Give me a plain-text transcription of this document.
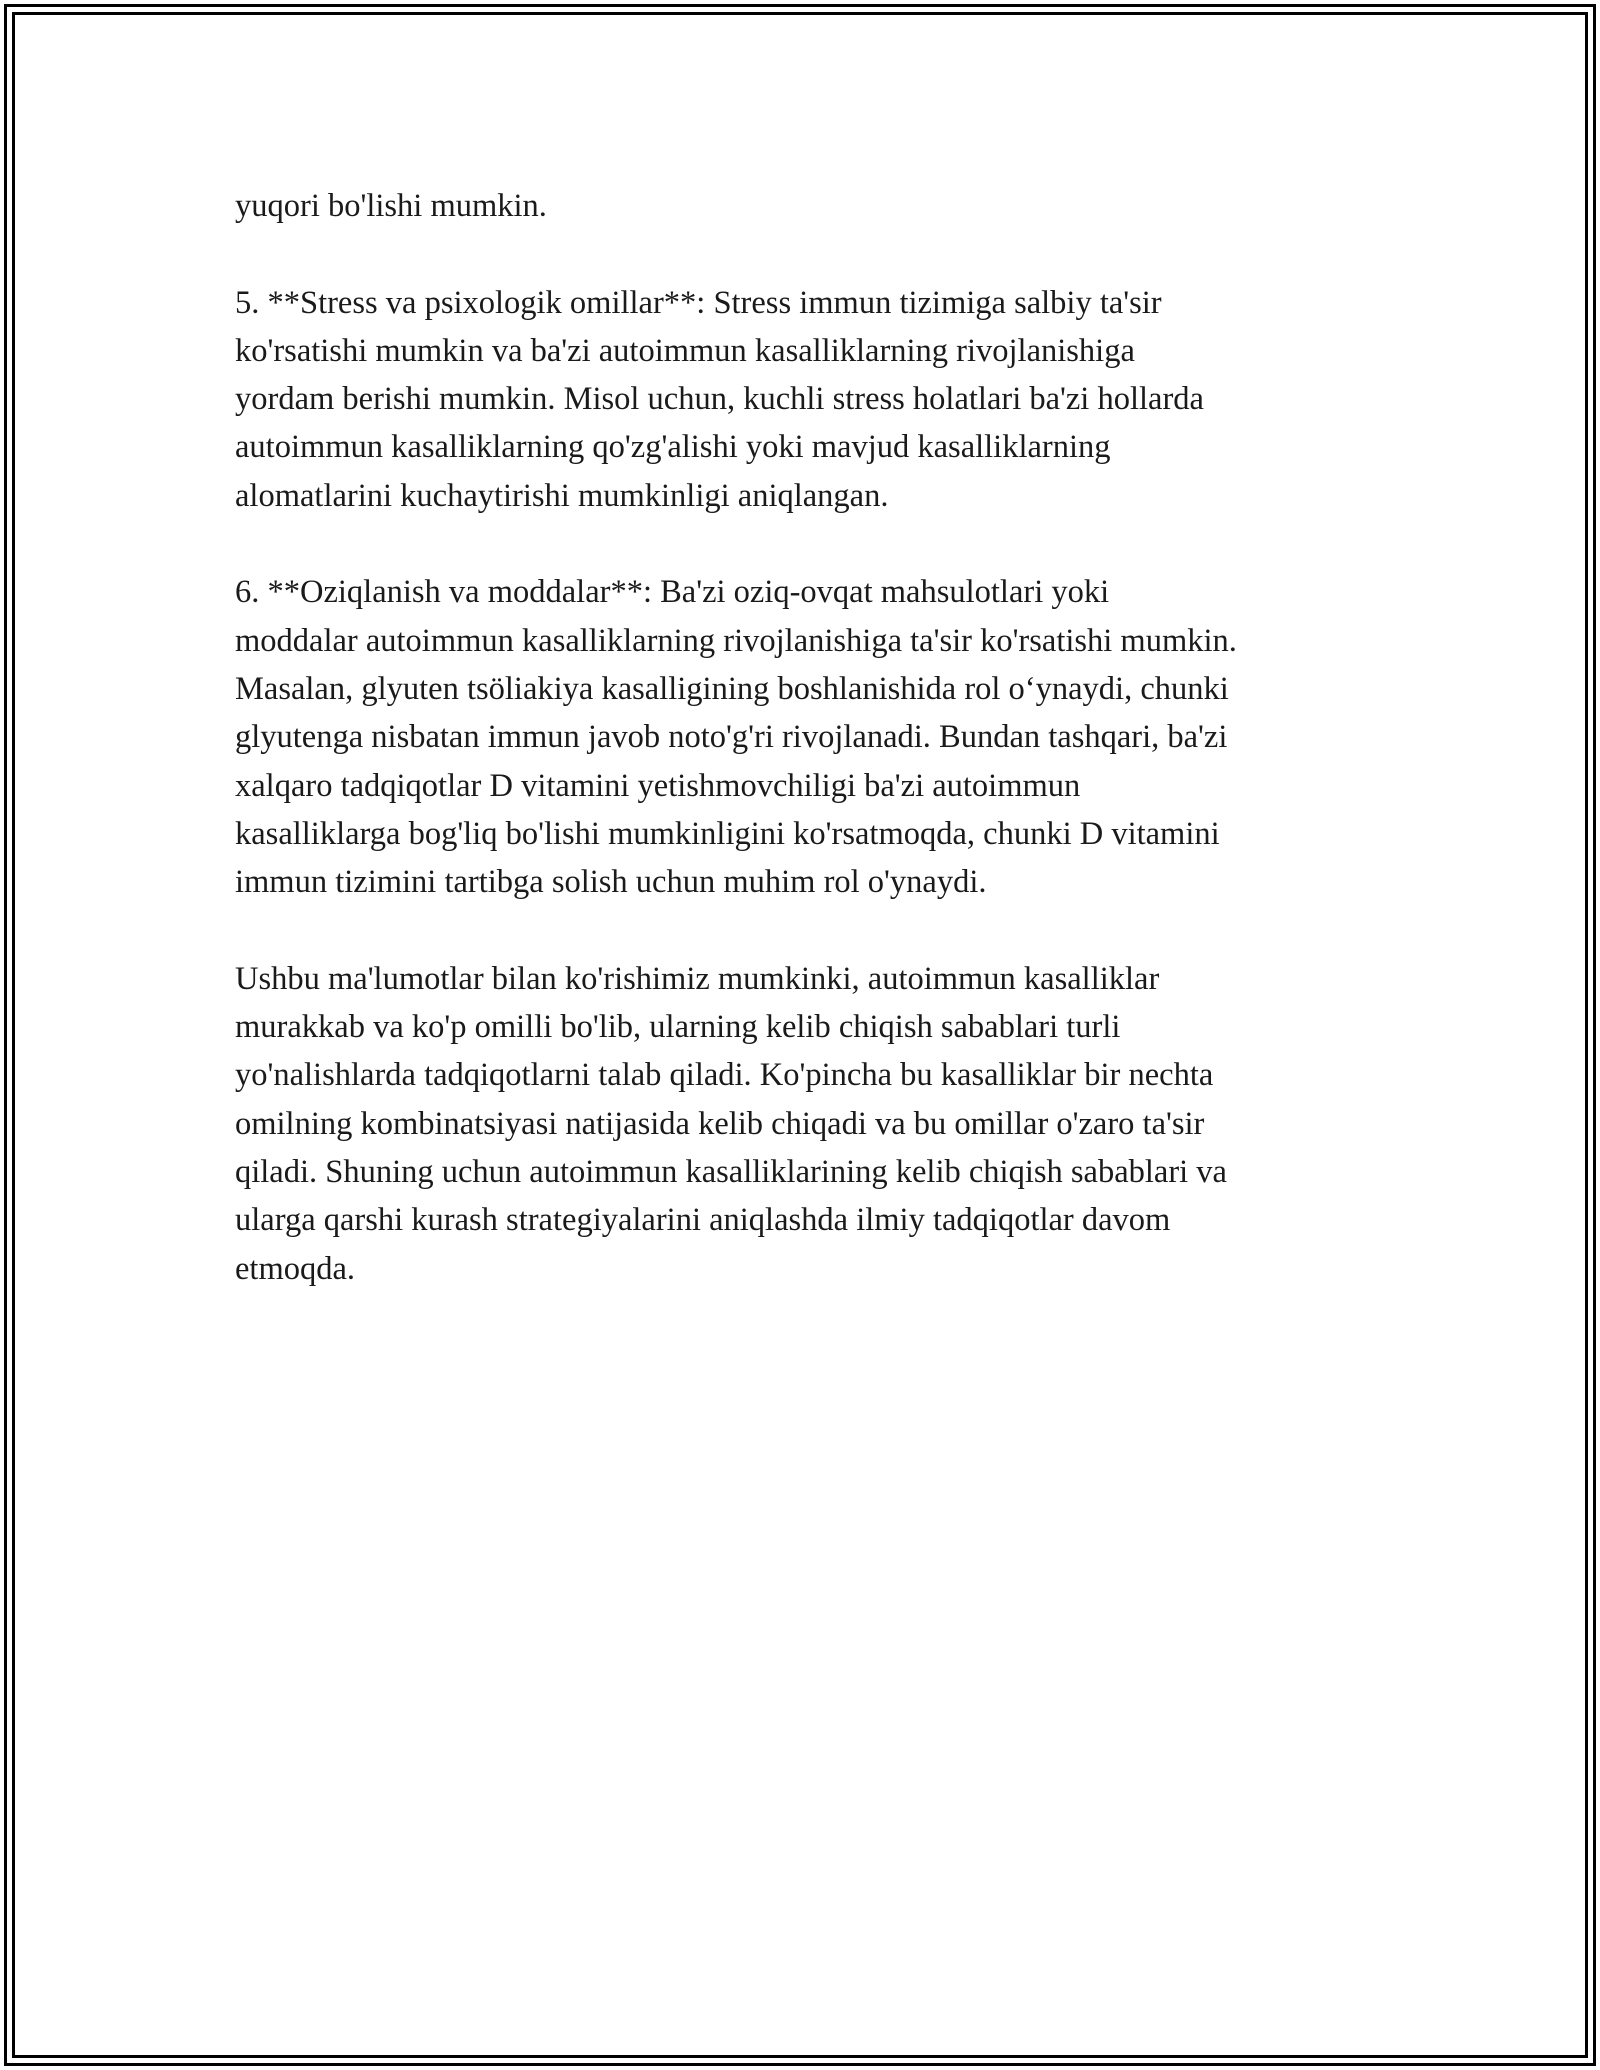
yuqori bo'lishi mumkin.

5. **Stress va psixologik omillar**: Stress immun tizimiga salbiy ta'sir
ko'rsatishi mumkin va ba'zi autoimmun kasalliklarning rivojlanishiga
yordam berishi mumkin. Misol uchun, kuchli stress holatlari ba'zi hollarda
autoimmun kasalliklarning qo'zg'alishi yoki mavjud kasalliklarning
alomatlarini kuchaytirishi mumkinligi aniqlangan.

6. **Oziqlanish va moddalar**: Ba'zi oziq-ovqat mahsulotlari yoki
moddalar autoimmun kasalliklarning rivojlanishiga ta'sir ko'rsatishi mumkin.
Masalan, glyuten tsöliakiya kasalligining boshlanishida rol o‘ynaydi, chunki
glyutenga nisbatan immun javob noto'g'ri rivojlanadi. Bundan tashqari, ba'zi
xalqaro tadqiqotlar D vitamini yetishmovchiligi ba'zi autoimmun
kasalliklarga bog'liq bo'lishi mumkinligini ko'rsatmoqda, chunki D vitamini
immun tizimini tartibga solish uchun muhim rol o'ynaydi.

Ushbu ma'lumotlar bilan ko'rishimiz mumkinki, autoimmun kasalliklar
murakkab va ko'p omilli bo'lib, ularning kelib chiqish sabablari turli
yo'nalishlarda tadqiqotlarni talab qiladi. Ko'pincha bu kasalliklar bir nechta
omilning kombinatsiyasi natijasida kelib chiqadi va bu omillar o'zaro ta'sir
qiladi. Shuning uchun autoimmun kasalliklarining kelib chiqish sabablari va
ularga qarshi kurash strategiyalarini aniqlashda ilmiy tadqiqotlar davom
etmoqda.
